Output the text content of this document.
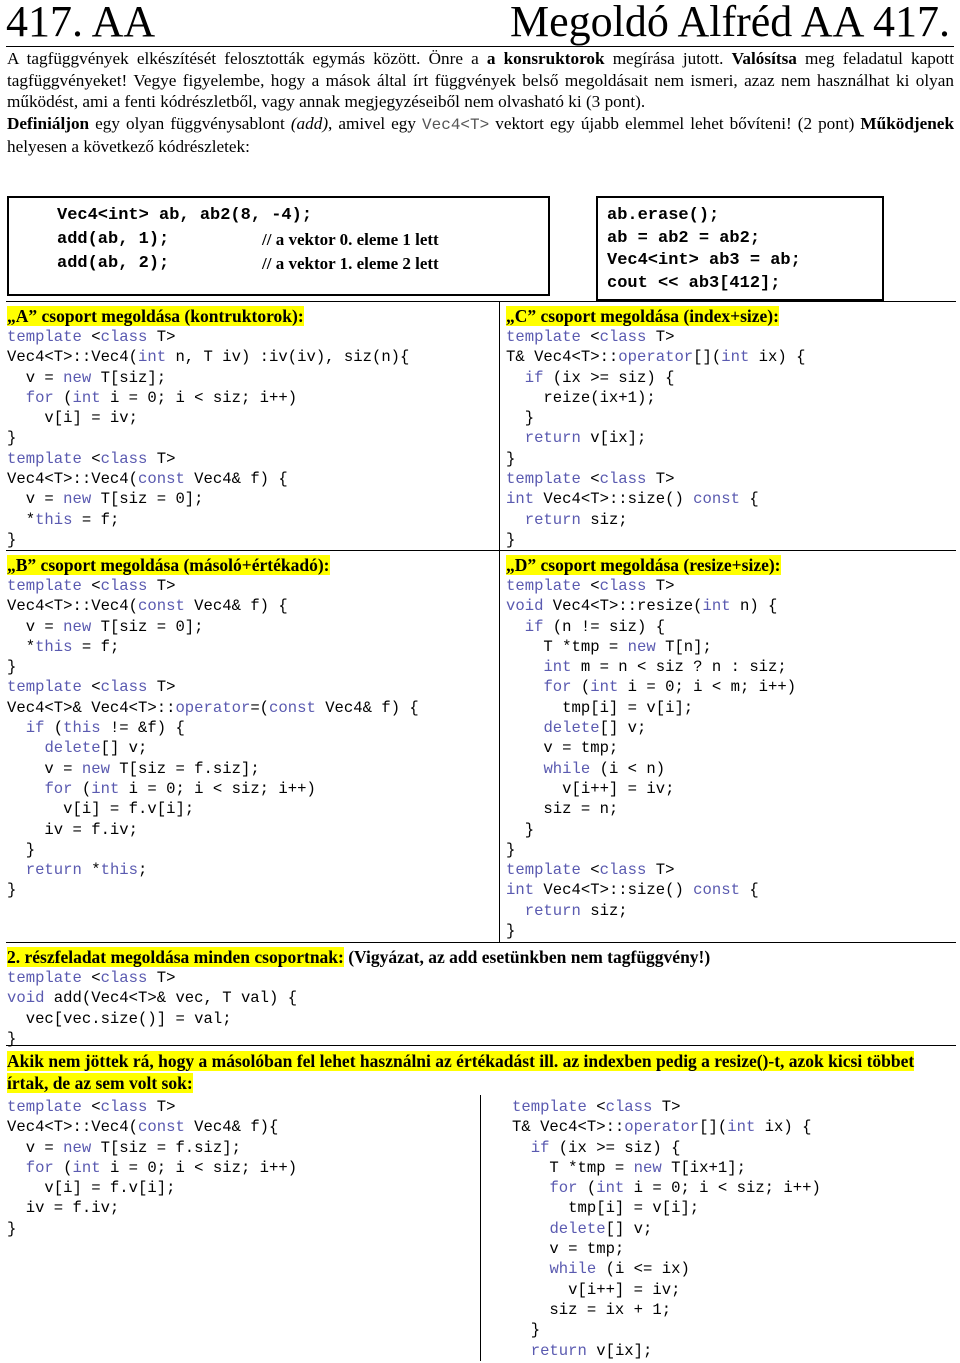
417. AA	Megoldó Alfréd AA 417.
A tagfüggvények elkészítését felosztották egymás között. Önre a a konsruktorok megírása jutott. Valósítsa meg feladatul kapott tagfüggvényeket! Vegye figyelembe, hogy a mások által írt függvények belső megoldásait nem ismeri, azaz nem használhat ki olyan működést, ami a fenti kódrészletből, vagy annak megjegyzéseiből nem olvasható ki (3 pont).
Definiáljon egy olyan függvénysablont (add), amivel egy Vec4<T> vektort egy újabb elemmel lehet bővíteni! (2 pont) Működjenek helyesen a következő kódrészletek:
Vec4<int> ab, ab2(8, -4);
add(ab, 1);	// a vektor 0. eleme 1 lett
add(ab, 2);	// a vektor 1. eleme 2 lett
ab.erase();
ab = ab2 = ab2;
Vec4<int> ab3 = ab;
cout << ab3[412];
„A” csoport megoldása (kontruktorok):
„B” csoport megoldása (másoló+értékadó):
„C” csoport megoldása (index+size):
„D” csoport megoldása (resize+size):
2. részfeladat megoldása minden csoportnak: (Vigyázat, az add esetünkben nem tagfüggvény!)
Akik nem jöttek rá, hogy a másolóban fel lehet használni az értékadást ill. az indexben pedig a resize()-t, azok kicsi többet írtak, de az sem volt sok:
template <class T>
Vec4<T>::Vec4(int n, T iv) :iv(iv), siz(n){
v = new T[siz];
for (int i = 0; i < siz; i++)
v[i] = iv;
}
template <class T>
Vec4<T>::Vec4(const Vec4& f) {
v = new T[siz = 0];
*this = f;
}
template <class T>
Vec4<T>::Vec4(const Vec4& f) {
v = new T[siz = 0];
*this = f;
}
template <class T>
Vec4<T>& Vec4<T>::operator=(const Vec4& f) {
if (this != &f) {
delete[] v;
v = new T[siz = f.siz];
for (int i = 0; i < siz; i++)
v[i] = f.v[i];
iv = f.iv;
}
return *this;
}
template <class T>
T& Vec4<T>::operator[](int ix) {
if (ix >= siz) {
reize(ix+1);
}
return v[ix];
}
template <class T>
int Vec4<T>::size() const {
return siz;
}
template <class T>
void Vec4<T>::resize(int n) {
if (n != siz) {
T *tmp = new T[n];
int m = n < siz ? n : siz;
for (int i = 0; i < m; i++)
tmp[i] = v[i];
delete[] v;
v = tmp;
while (i < n)
v[i++] = iv;
siz = n;
}
}
template <class T>
int Vec4<T>::size() const {
return siz;
}
template <class T>
void add(Vec4<T>& vec, T val) {
vec[vec.size()] = val;
}
template <class T>
Vec4<T>::Vec4(const Vec4& f){
v = new T[siz = f.siz];
for (int i = 0; i < siz; i++)
v[i] = f.v[i];
iv = f.iv;
}
template <class T>
T& Vec4<T>::operator[](int ix) {
if (ix >= siz) {
T *tmp = new T[ix+1];
for (int i = 0; i < siz; i++)
tmp[i] = v[i];
delete[] v;
v = tmp;
while (i <= ix)
v[i++] = iv;
siz = ix + 1;
}
return v[ix];
